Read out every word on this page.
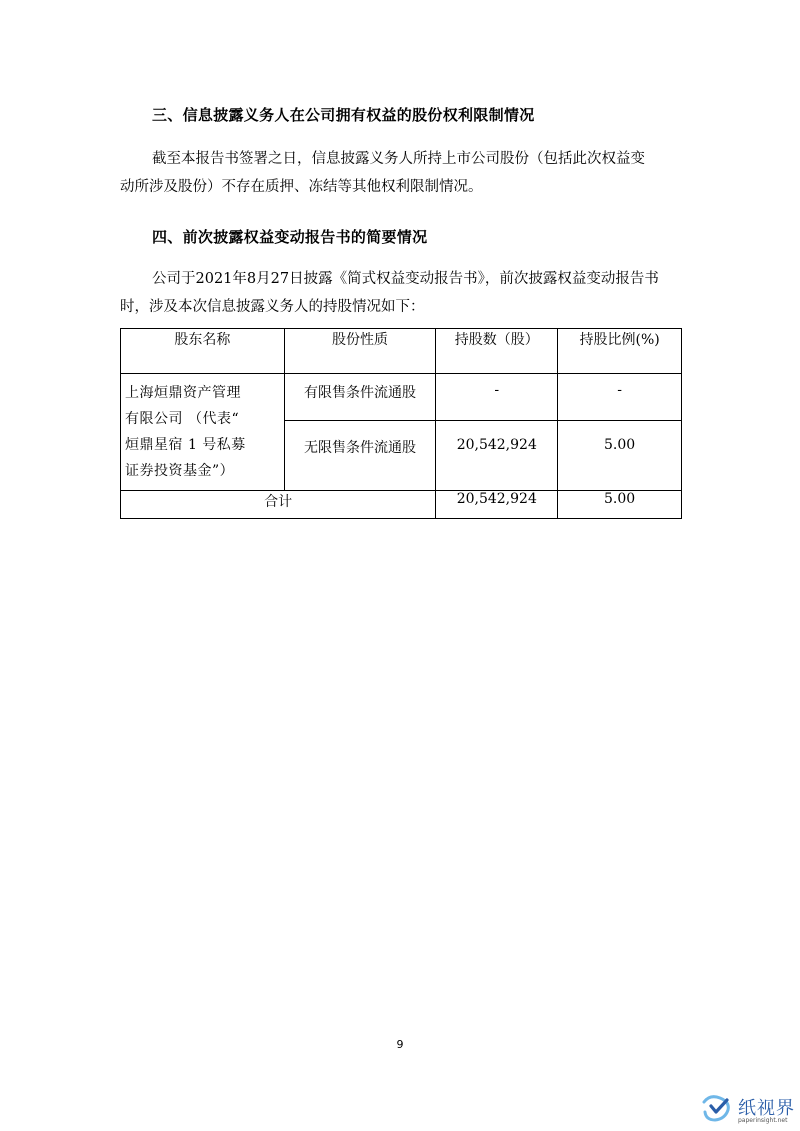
三、信息披露义务人在公司拥有权益的股份权利限制情况
截至本报告书签署之日，信息披露义务人所持上市公司股份（包括此次权益变
动所涉及股份）不存在质押、冻结等其他权利限制情况。
四、前次披露权益变动报告书的简要情况
公司于2021年8月27日披露《简式权益变动报告书》，前次披露权益变动报告书
时，涉及本次信息披露义务人的持股情况如下：
股东名称	股份性质	持股数（股）	持股比例(%)

上海烜鼎资产管理
有限公司 （代表“
烜鼎星宿 1 号私募
证券投资基金”）	有限售条件流通股	-	-

	无限售条件流通股	20,542,924	5.00

合计		20,542,924	5.00
9
纸视界
paperinsight.net
